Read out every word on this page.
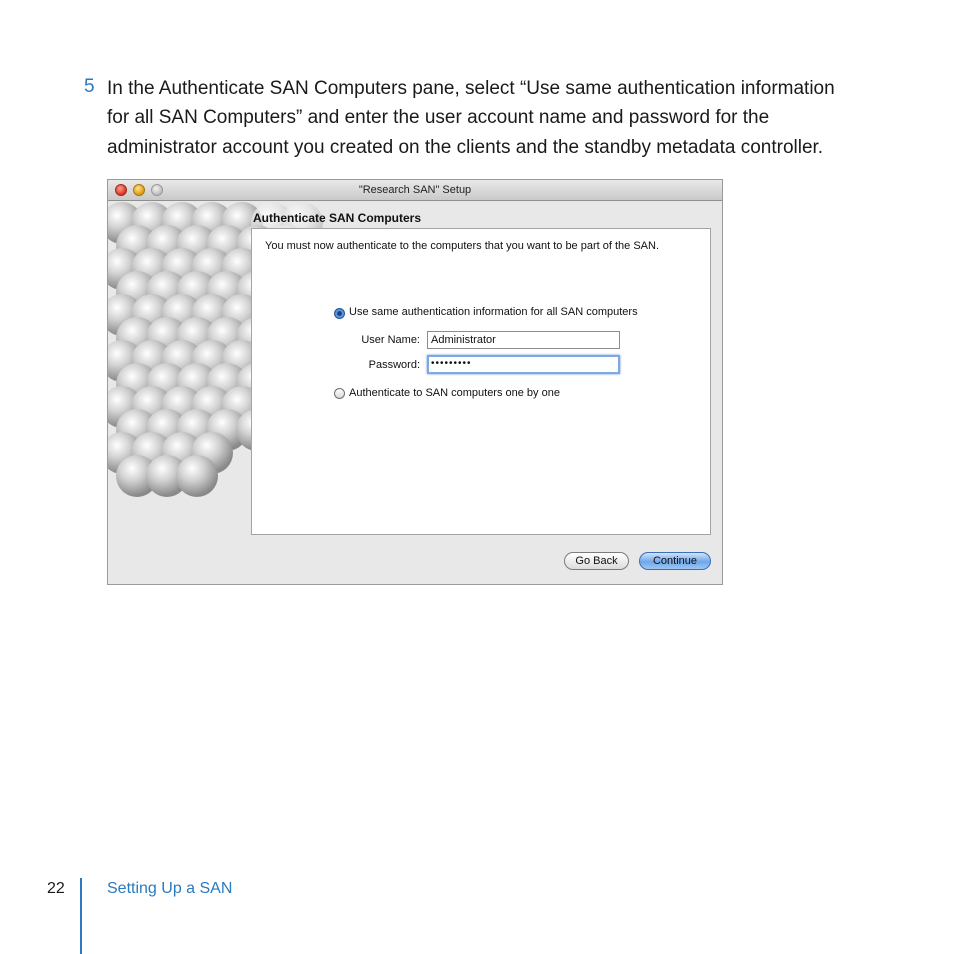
5 In the Authenticate SAN Computers pane, select “Use same authentication information
for all SAN Computers” and enter the user account name and password for the
administrator account you created on the clients and the standby metadata controller.
"Research SAN" Setup
Authenticate SAN Computers
You must now authenticate to the computers that you want to be part of the SAN.
Use same authentication information for all SAN computers
User Name:	Administrator
Password:	•••••••••
Authenticate to SAN computers one by one
Go Back	Continue
22	Setting Up a SAN
